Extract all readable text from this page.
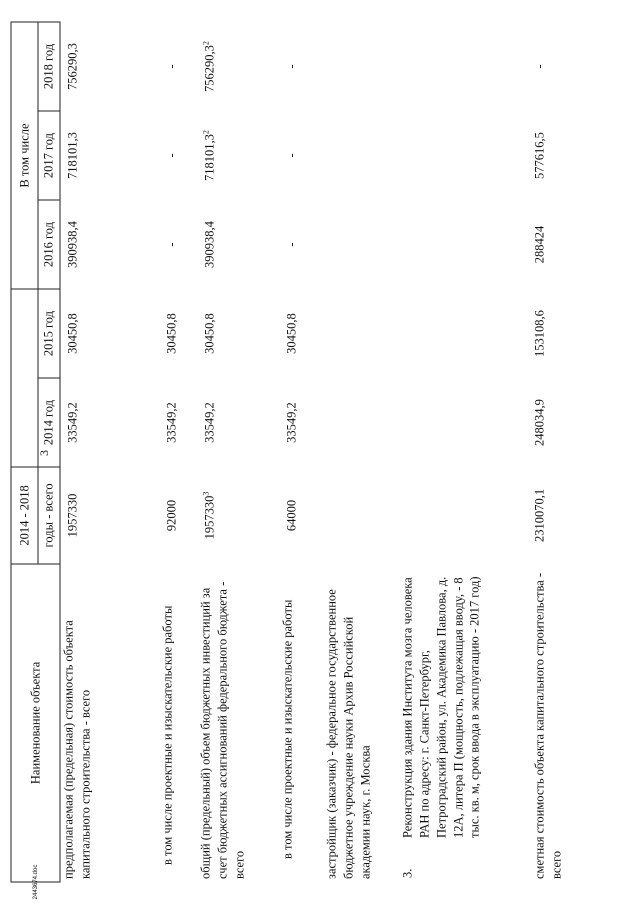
3
Наименование объекта	2014 - 2018			В том числе		
	годы - всего	2014 год	2015 год	2016 год	2017 год	2018 год
предполагаемая (предельная) стоимость объекта капитального строительства - всего	1957330	33549,2	30450,8	390938,4	718101,3	756290,3

в том числе проектные и изыскательские работы	92000	33549,2	30450,8	-	-	-
общий (предельный) объем бюджетных инвестиций за счет бюджетных ассигнований федерального бюджета - всего	1957330$^3$	33549,2	30450,8	390938,4	718101,3$^2$	756290,3$^2$

в том числе проектные и изыскательские работы	64000	33549,2	30450,8	-	-	-
застройщик (заказчик) - федеральное государственное бюджетное учреждение науки Архив Российской академии наук, г. Москва						

3.
Реконструкция здания Института мозга человека РАН по адресу: г. Санкт-Петербург, Петроградский район, ул. Академика Павлова, д. 12А, литера П (мощность, подлежащая вводу, - 8 тыс. кв. м, срок ввода в эксплуатацию - 2017 год)						

сметная стоимость объекта капитального строительства - всего	2310070,1	248034,9	153108,6	288424	577616,5	-
2443674.doc
